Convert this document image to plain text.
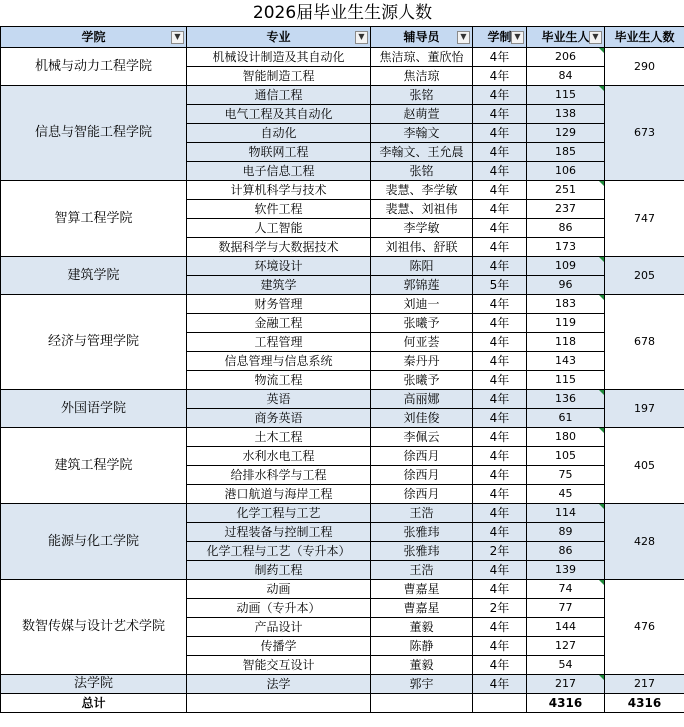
2026届毕业生生源人数					
学院 ▼	专业 ▼	辅导员 ▼	学制 ▼	毕业生人 ▼	毕业生人数
机械与动力工程学院	机械设计制造及其自动化	焦洁琼、董欣怡	4年	206	290
	智能制造工程	焦洁琼	4年	84	
信息与智能工程学院	通信工程	张铭	4年	115	673
	电气工程及其自动化	赵萌萱	4年	138	
	自动化	李翰文	4年	129	
	物联网工程	李翰文、王允晨	4年	185	
	电子信息工程	张铭	4年	106	
智算工程学院	计算机科学与技术	裴慧、李学敏	4年	251	747
	软件工程	裴慧、刘祖伟	4年	237	
	人工智能	李学敏	4年	86	
	数据科学与大数据技术	刘祖伟、舒联	4年	173	
建筑学院	环境设计	陈阳	4年	109	205
	建筑学	郭锦莲	5年	96	
经济与管理学院	财务管理	刘迪一	4年	183	678
	金融工程	张曦予	4年	119	
	工程管理	何亚荟	4年	118	
	信息管理与信息系统	秦丹丹	4年	143	
	物流工程	张曦予	4年	115	
外国语学院	英语	高丽娜	4年	136	197
	商务英语	刘佳俊	4年	61	
建筑工程学院	土木工程	李佩云	4年	180	405
	水利水电工程	徐西月	4年	105	
	给排水科学与工程	徐西月	4年	75	
	港口航道与海岸工程	徐西月	4年	45	
能源与化工学院	化学工程与工艺	王浩	4年	114	428
	过程装备与控制工程	张雅玮	4年	89	
	化学工程与工艺（专升本）	张雅玮	2年	86	
	制药工程	王浩	4年	139	
数智传媒与设计艺术学院	动画	曹嘉星	4年	74	476
	动画（专升本）	曹嘉星	2年	77	
	产品设计	董毅	4年	144	
	传播学	陈静	4年	127	
	智能交互设计	董毅	4年	54	
法学院	法学	郭宇	4年	217	217
总计				4316	4316
